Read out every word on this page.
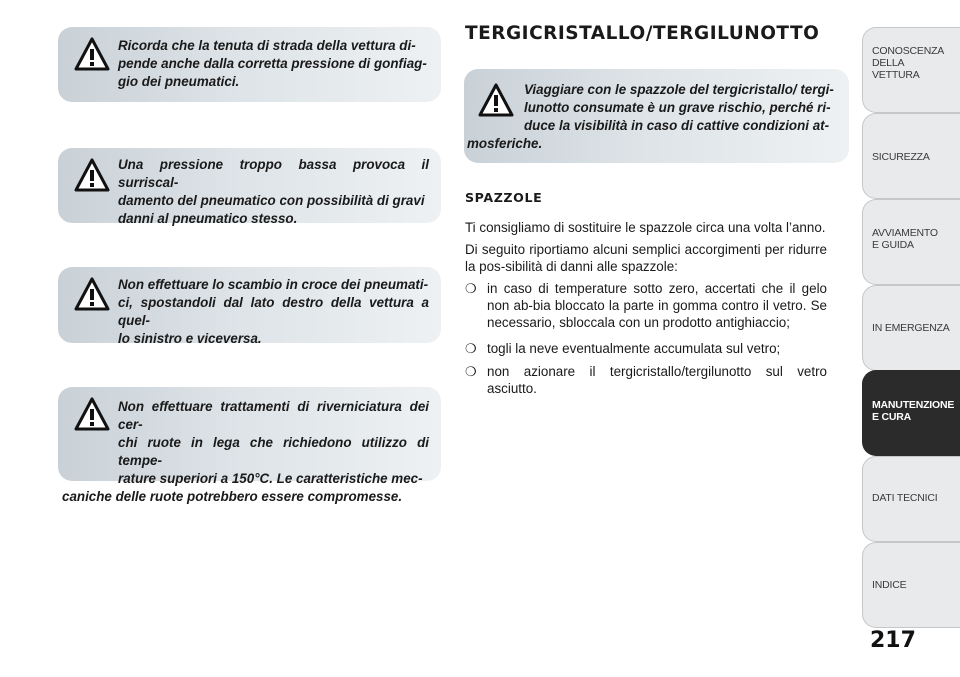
Ricorda che la tenuta di strada della vettura di-

pende anche dalla corretta pressione di gonfiag-

gio dei pneumatici.

Una pressione troppo bassa provoca il surriscal-

damento del pneumatico con possibilità di gravi

danni al pneumatico stesso.

Non effettuare lo scambio in croce dei pneumati-

ci, spostandoli dal lato destro della vettura a quel-

lo sinistro e viceversa.

Non effettuare trattamenti di riverniciatura dei cer-

chi ruote in lega che richiedono utilizzo di tempe-

rature superiori a 150°C. Le caratteristiche mec-

caniche delle ruote potrebbero essere compromesse.

TERGICRISTALLO/TERGILUNOTTO

Viaggiare con le spazzole del tergicristallo/ tergi-

lunotto consumate è un grave rischio, perché ri-

duce la visibilità in caso di cattive condizioni at-

mosferiche.

SPAZZOLE

Ti consigliamo di sostituire le spazzole circa una volta l’anno.

Di seguito riportiamo alcuni semplici accorgimenti per ridurre la pos-sibilità di danni alle spazzole:

❍ in caso di temperature sotto zero, accertati che il gelo non ab-bia bloccato la parte in gomma contro il vetro. Se necessario, sbloccala con un prodotto antighiaccio;
❍ togli la neve eventualmente accumulata sul vetro;
❍ non azionare il tergicristallo/tergilunotto sul vetro asciutto.
CONOSCENZA
DELLA
VETTURA
SICUREZZA
AVVIAMENTO
E GUIDA
IN EMERGENZA
MANUTENZIONE
E CURA
DATI TECNICI
INDICE
217
